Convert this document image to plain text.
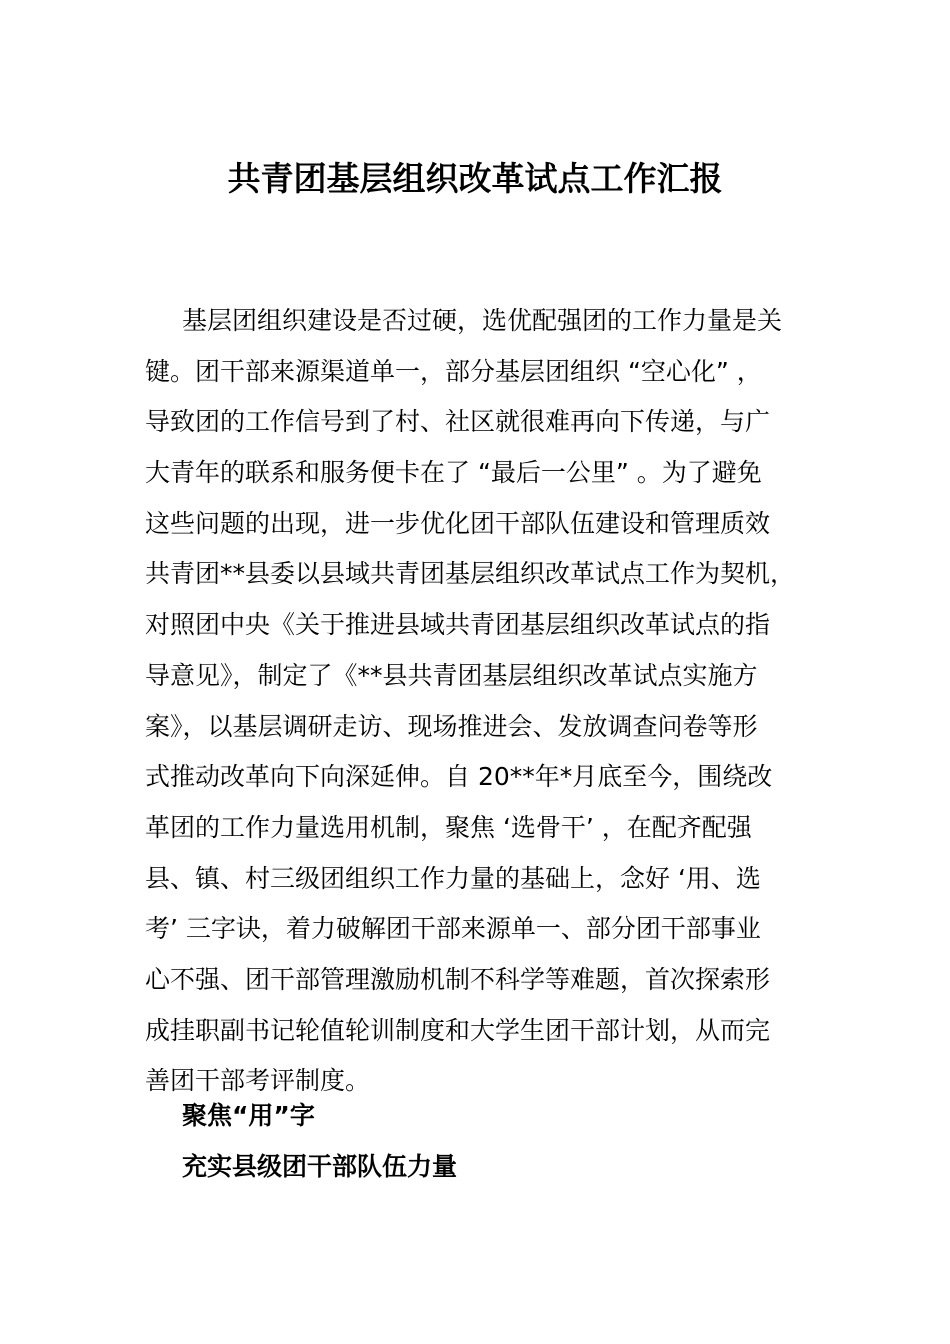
共青团基层组织改革试点工作汇报
基层团组织建设是否过硬，选优配强团的工作力量是关
键。团干部来源渠道单一，部分基层团组织 “空心化” ，
导致团的工作信号到了村、社区就很难再向下传递，与广
大青年的联系和服务便卡在了 “最后一公里” 。为了避免
这些问题的出现，进一步优化团干部队伍建设和管理质效
共青团**县委以县域共青团基层组织改革试点工作为契机，
对照团中央《关于推进县域共青团基层组织改革试点的指
导意见》，制定了《**县共青团基层组织改革试点实施方
案》，以基层调研走访、现场推进会、发放调查问卷等形
式推动改革向下向深延伸。自 20**年*月底至今，围绕改
革团的工作力量选用机制，聚焦 ‘选骨干’ ，在配齐配强
县、镇、村三级团组织工作力量的基础上，念好 ‘用、选
考’ 三字诀，着力破解团干部来源单一、部分团干部事业
心不强、团干部管理激励机制不科学等难题，首次探索形
成挂职副书记轮值轮训制度和大学生团干部计划，从而完
善团干部考评制度。
聚焦“用”字
充实县级团干部队伍力量
